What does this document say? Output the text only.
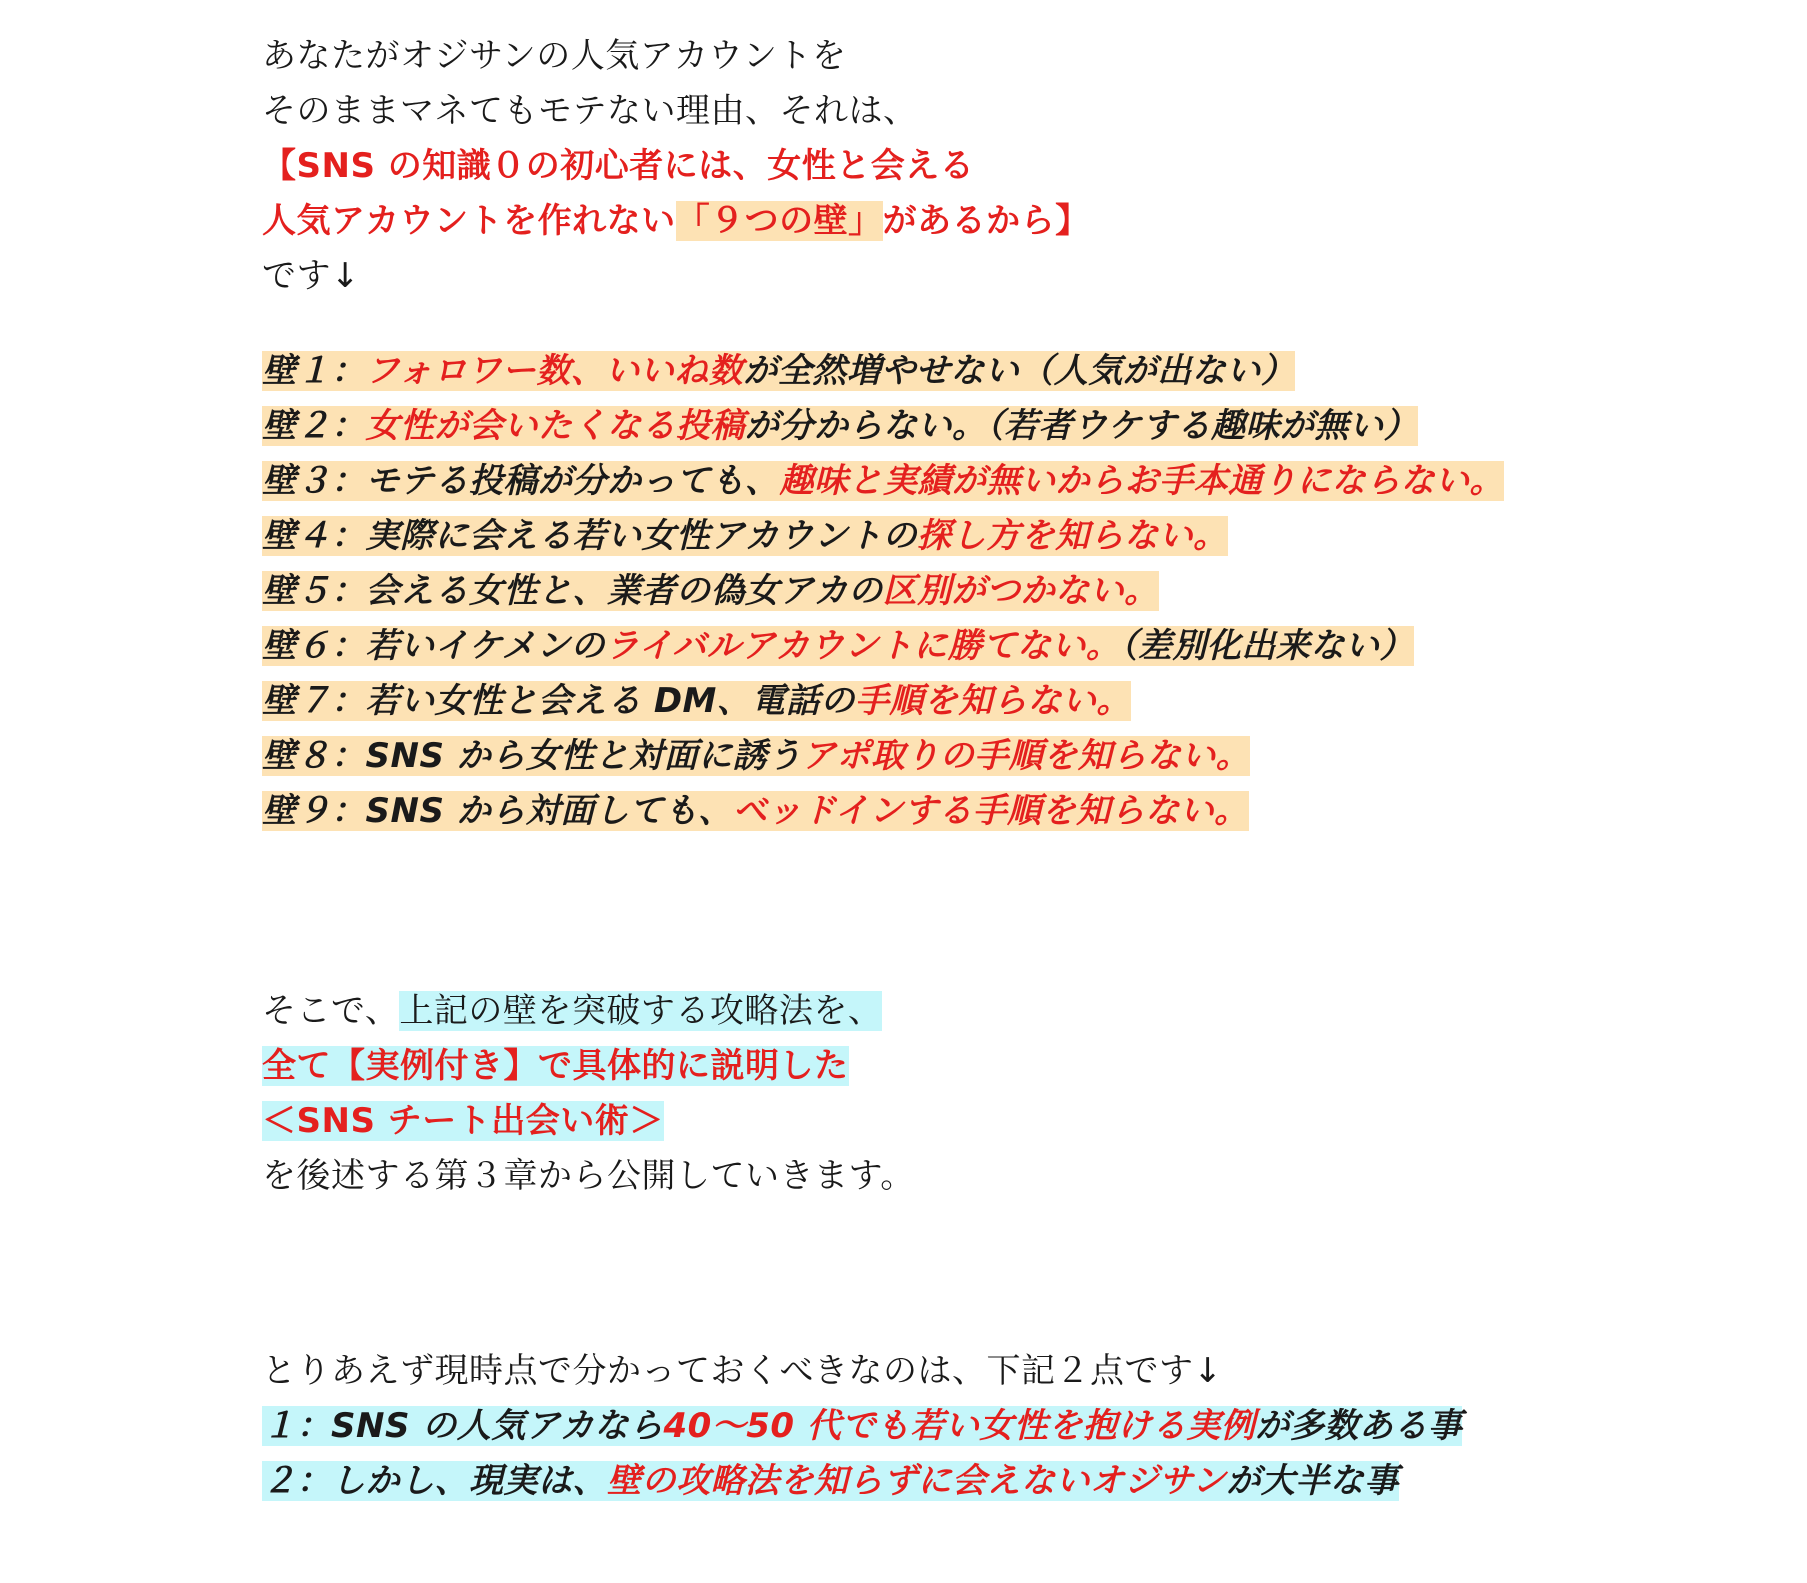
あなたがオジサンの人気アカウントを
そのままマネてもモテない理由、それは、
【SNS の知識０の初心者には、女性と会える
人気アカウントを作れない「９つの壁」があるから】
です↓
壁１：フォロワー数、いいね数が全然増やせない（人気が出ない）
壁２：女性が会いたくなる投稿が分からない。（若者ウケする趣味が無い）
壁３：モテる投稿が分かっても、趣味と実績が無いからお手本通りにならない。
壁４：実際に会える若い女性アカウントの探し方を知らない。
壁５：会える女性と、業者の偽女アカの区別がつかない。
壁６：若いイケメンのライバルアカウントに勝てない。（差別化出来ない）
壁７：若い女性と会える DM、電話の手順を知らない。
壁８：SNS から女性と対面に誘うアポ取りの手順を知らない。
壁９：SNS から対面しても、ベッドインする手順を知らない。
そこで、上記の壁を突破する攻略法を、
全て【実例付き】で具体的に説明した
＜SNS チート出会い術＞
を後述する第３章から公開していきます。
とりあえず現時点で分かっておくべきなのは、下記２点です↓
１：SNS の人気アカなら40〜50 代でも若い女性を抱ける実例が多数ある事
２：しかし、現実は、壁の攻略法を知らずに会えないオジサンが大半な事
